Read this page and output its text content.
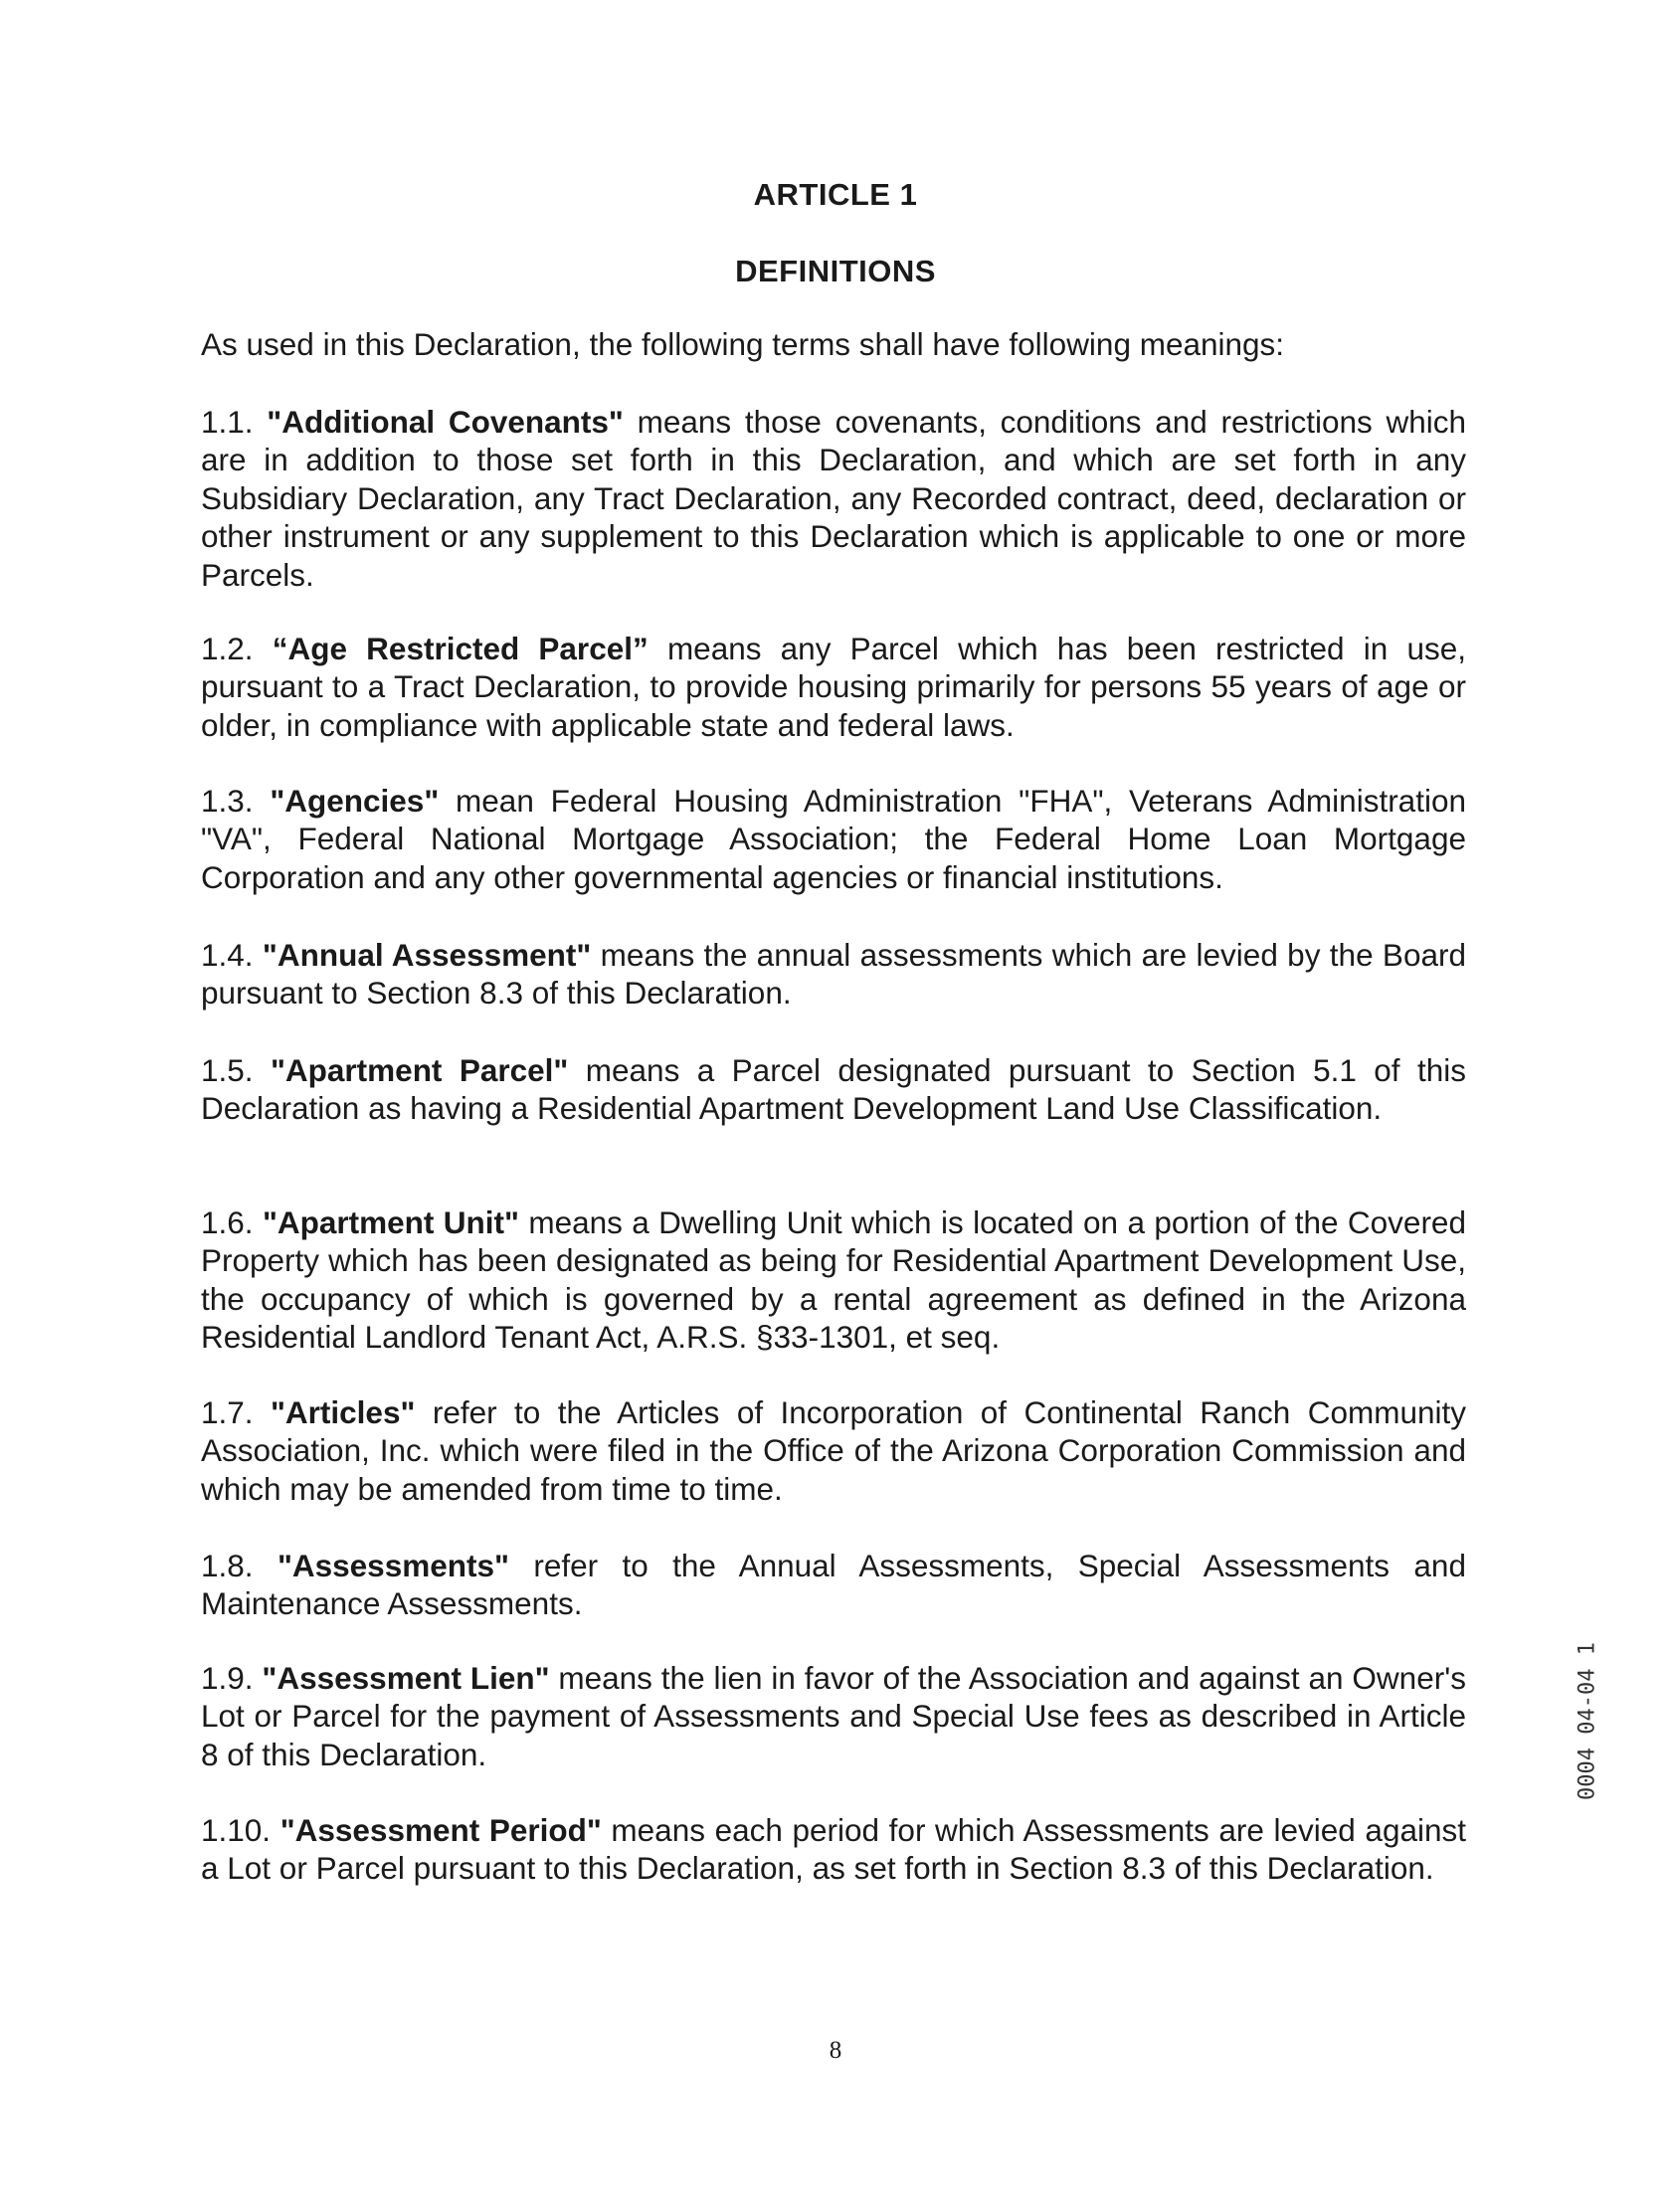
ARTICLE 1
DEFINITIONS
As used in this Declaration, the following terms shall have following meanings:
1.1. "Additional Covenants" means those covenants, conditions and restrictions which are in addition to those set forth in this Declaration, and which are set forth in any Subsidiary Declaration, any Tract Declaration, any Recorded contract, deed, declaration or other instrument or any supplement to this Declaration which is applicable to one or more Parcels.
1.2. “Age Restricted Parcel” means any Parcel which has been restricted in use, pursuant to a Tract Declaration, to provide housing primarily for persons 55 years of age or older, in compliance with applicable state and federal laws.
1.3. "Agencies" mean Federal Housing Administration "FHA", Veterans Administration "VA", Federal National Mortgage Association; the Federal Home Loan Mortgage Corporation and any other governmental agencies or financial institutions.
1.4. "Annual Assessment" means the annual assessments which are levied by the Board pursuant to Section 8.3 of this Declaration.
1.5. "Apartment Parcel" means a Parcel designated pursuant to Section 5.1 of this Declaration as having a Residential Apartment Development Land Use Classification.
1.6. "Apartment Unit" means a Dwelling Unit which is located on a portion of the Covered Property which has been designated as being for Residential Apartment Development Use, the occupancy of which is governed by a rental agreement as defined in the Arizona Residential Landlord Tenant Act, A.R.S. §33-1301, et seq.
1.7. "Articles" refer to the Articles of Incorporation of Continental Ranch Community Association, Inc. which were filed in the Office of the Arizona Corporation Commission and which may be amended from time to time.
1.8. "Assessments" refer to the Annual Assessments, Special Assessments and Maintenance Assessments.
1.9. "Assessment Lien" means the lien in favor of the Association and against an Owner's Lot or Parcel for the payment of Assessments and Special Use fees as described in Article 8 of this Declaration.
1.10. "Assessment Period" means each period for which Assessments are levied against a Lot or Parcel pursuant to this Declaration, as set forth in Section 8.3 of this Declaration.
8
0004 04-04 1
